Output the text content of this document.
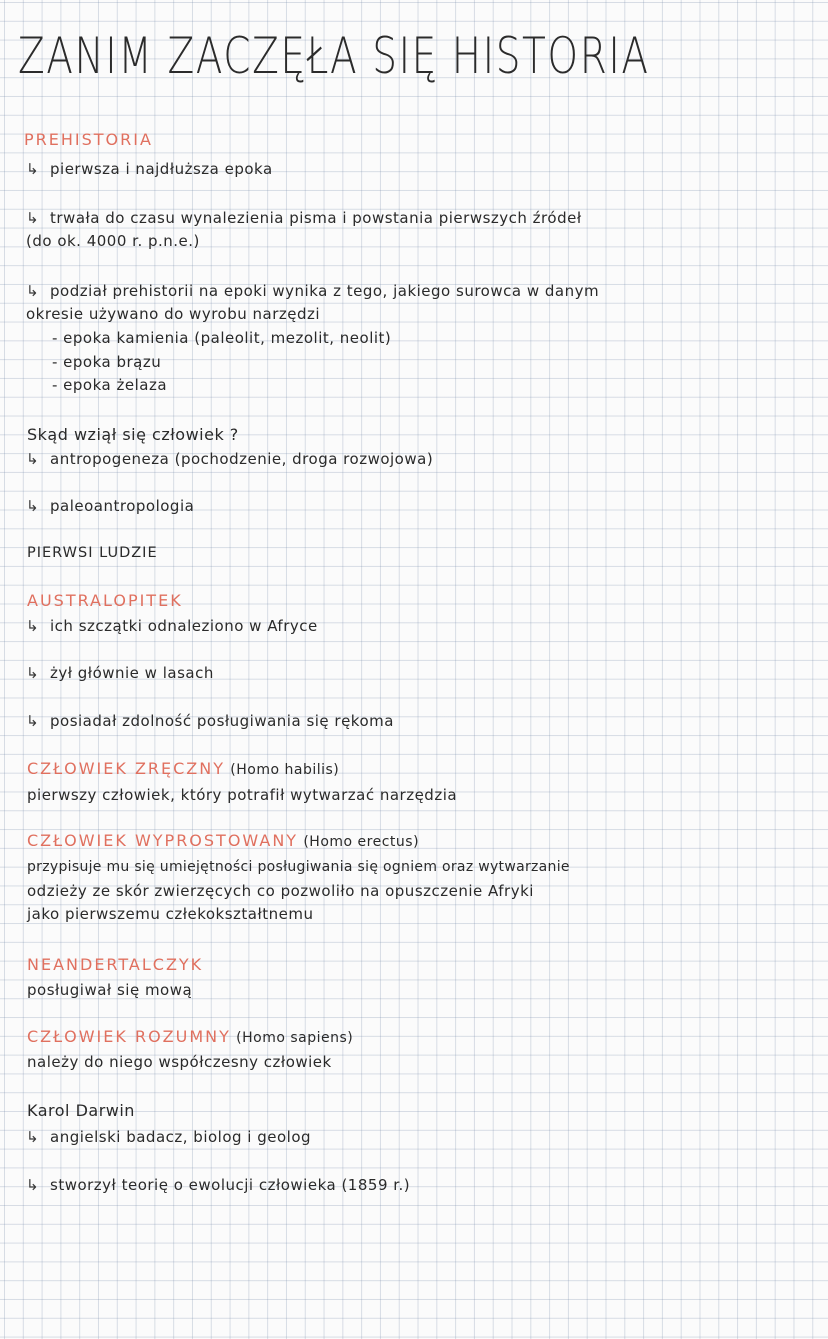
ZANIM ZACZĘŁA SIĘ HISTORIA
PREHISTORIA
↳ pierwsza i najdłuższa epoka
↳ trwała do czasu wynalezienia pisma i powstania pierwszych źródeł
(do ok. 4000 r. p.n.e.)
↳ podział prehistorii na epoki wynika z tego, jakiego surowca w danym
okresie używano do wyrobu narzędzi
- epoka kamienia (paleolit, mezolit, neolit)
- epoka brązu
- epoka żelaza
Skąd wziął się człowiek ?
↳ antropogeneza (pochodzenie, droga rozwojowa)
↳ paleoantropologia
PIERWSI LUDZIE
AUSTRALOPITEK
↳ ich szczątki odnaleziono w Afryce
↳ żył głównie w lasach
↳ posiadał zdolność posługiwania się rękoma
CZŁOWIEK ZRĘCZNY (Homo habilis)
pierwszy człowiek, który potrafił wytwarzać narzędzia
CZŁOWIEK WYPROSTOWANY (Homo erectus)
przypisuje mu się umiejętności posługiwania się ogniem oraz wytwarzanie
odzieży ze skór zwierzęcych co pozwoliło na opuszczenie Afryki
jako pierwszemu człekokształtnemu
NEANDERTALCZYK
posługiwał się mową
CZŁOWIEK ROZUMNY (Homo sapiens)
należy do niego współczesny człowiek
Karol Darwin
↳ angielski badacz, biolog i geolog
↳ stworzył teorię o ewolucji człowieka (1859 r.)
